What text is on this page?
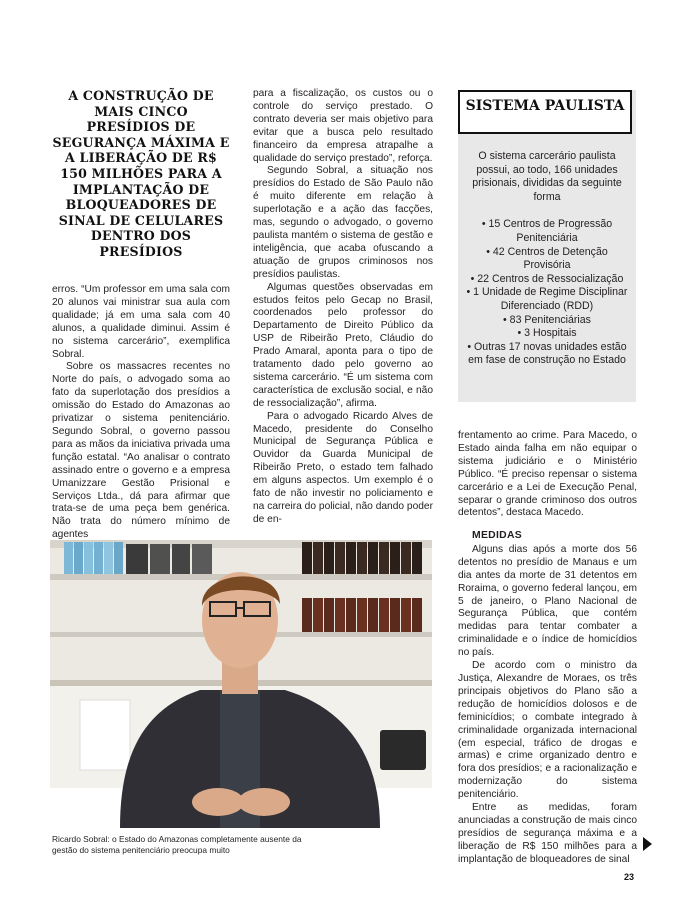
A CONSTRUÇÃO DE MAIS CINCO PRESÍDIOS DE SEGURANÇA MÁXIMA E A LIBERAÇÃO DE R$ 150 MILHÕES PARA A IMPLANTAÇÃO DE BLOQUEADORES DE SINAL DE CELULARES DENTRO DOS PRESÍDIOS

erros. “Um professor em uma sala com 20 alunos vai ministrar sua aula com qualidade; já em uma sala com 40 alunos, a qualidade diminui. Assim é no sistema carcerário”, exemplifica Sobral.

Sobre os massacres recentes no Norte do país, o advogado soma ao fato da superlotação dos presídios a omissão do Estado do Amazonas ao privatizar o sistema penitenciário. Segundo Sobral, o governo passou para as mãos da iniciativa privada uma função estatal. “Ao analisar o contrato assinado entre o governo e a empresa Umanizzare Gestão Prisional e Serviços Ltda., dá para afirmar que trata-se de uma peça bem genérica. Não trata do número mínimo de agentes

para a fiscalização, os custos ou o controle do serviço prestado. O contrato deveria ser mais objetivo para evitar que a busca pelo resultado financeiro da empresa atrapalhe a qualidade do serviço prestado”, reforça.

Segundo Sobral, a situação nos presídios do Estado de São Paulo não é muito diferente em relação à superlotação e a ação das facções, mas, segundo o advogado, o governo paulista mantém o sistema de gestão e inteligência, que acaba ofuscando a atuação de grupos criminosos nos presídios paulistas.

Algumas questões observadas em estudos feitos pelo Gecap no Brasil, coordenados pelo professor do Departamento de Direito Público da USP de Ribeirão Preto, Cláudio do Prado Amaral, aponta para o tipo de tratamento dado pelo governo ao sistema carcerário. “É um sistema com característica de exclusão social, e não de ressocialização”, afirma.

Para o advogado Ricardo Alves de Macedo, presidente do Conselho Municipal de Segurança Pública e Ouvidor da Guarda Municipal de Ribeirão Preto, o estado tem falhado em alguns aspectos. Um exemplo é o fato de não investir no policiamento e na carreira do policial, não dando poder de en-

SISTEMA PAULISTA

O sistema carcerário paulista possui, ao todo, 166 unidades prisionais, divididas da seguinte forma

• 15 Centros de Progressão Penitenciária

• 42 Centros de Detenção Provisória

• 22 Centros de Ressocialização

• 1 Unidade de Regime Disciplinar Diferenciado (RDD)

• 83 Penitenciárias

• 3 Hospitais

• Outras 17 novas unidades estão em fase de construção no Estado

frentamento ao crime. Para Macedo, o Estado ainda falha em não equipar o sistema judiciário e o Ministério Público. “É preciso repensar o sistema carcerário e a Lei de Execução Penal, separar o grande criminoso dos outros detentos”, destaca Macedo.

MEDIDAS

Alguns dias após a morte dos 56 detentos no presídio de Manaus e um dia antes da morte de 31 detentos em Roraima, o governo federal lançou, em 5 de janeiro, o Plano Nacional de Segurança Pública, que contém medidas para tentar combater a criminalidade e o índice de homicídios no país.

De acordo com o ministro da Justiça, Alexandre de Moraes, os três principais objetivos do Plano são a redução de homicídios dolosos e de feminicídios; o combate integrado à criminalidade organizada internacional (em especial, tráfico de drogas e armas) e crime organizado dentro e fora dos presídios; e a racionalização e modernização do sistema penitenciário.

Entre as medidas, foram anunciadas a construção de mais cinco presídios de segurança máxima e a liberação de R$ 150 milhões para a implantação de bloqueadores de sinal

Ricardo Sobral: o Estado do Amazonas completamente ausente da gestão do sistema penitenciário preocupa muito
23
